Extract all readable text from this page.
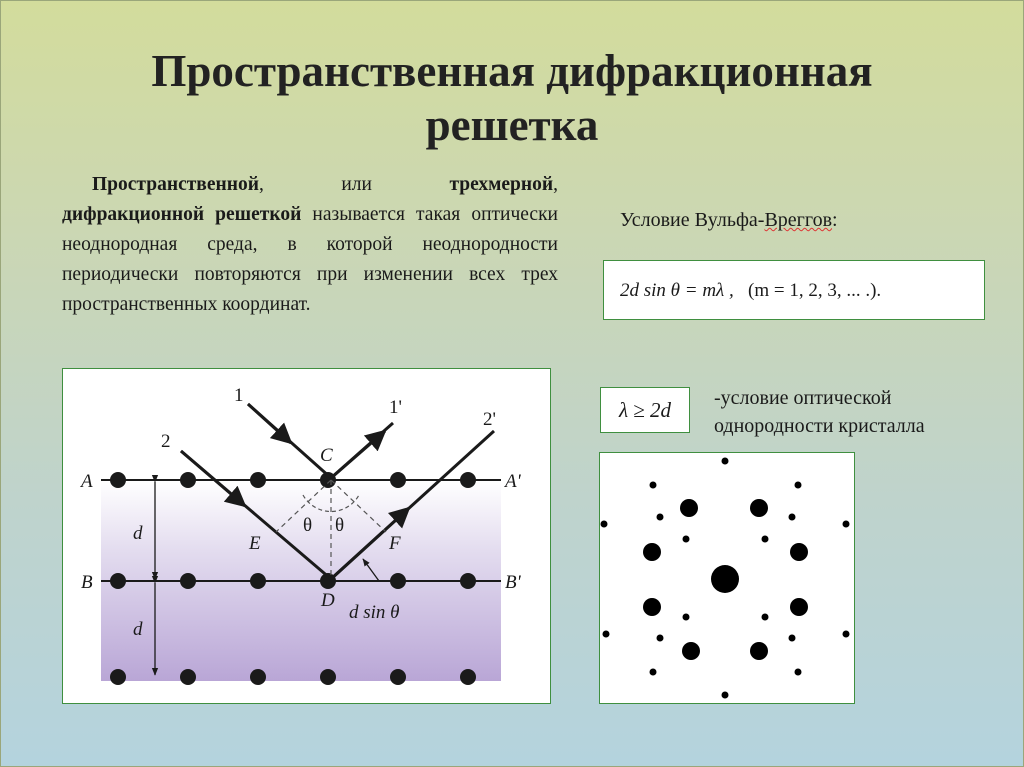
Пространственная дифракционная
решетка
Пространственной, или трехмерной, дифракционной решеткой называется такая оптически неоднородная среда, в которой неоднородности периодически повторяются при изменении всех трех пространственных координат.
Условие Вульфа-Вреггов:
2d sin θ = mλ , (m = 1, 2, 3, ... .).
λ ≥ 2d	-условие оптической
однородности кристалла
1
1'
2
2'
A	A'
B	B'
C
D
E	F
d
d
θ θ
d sin θ
